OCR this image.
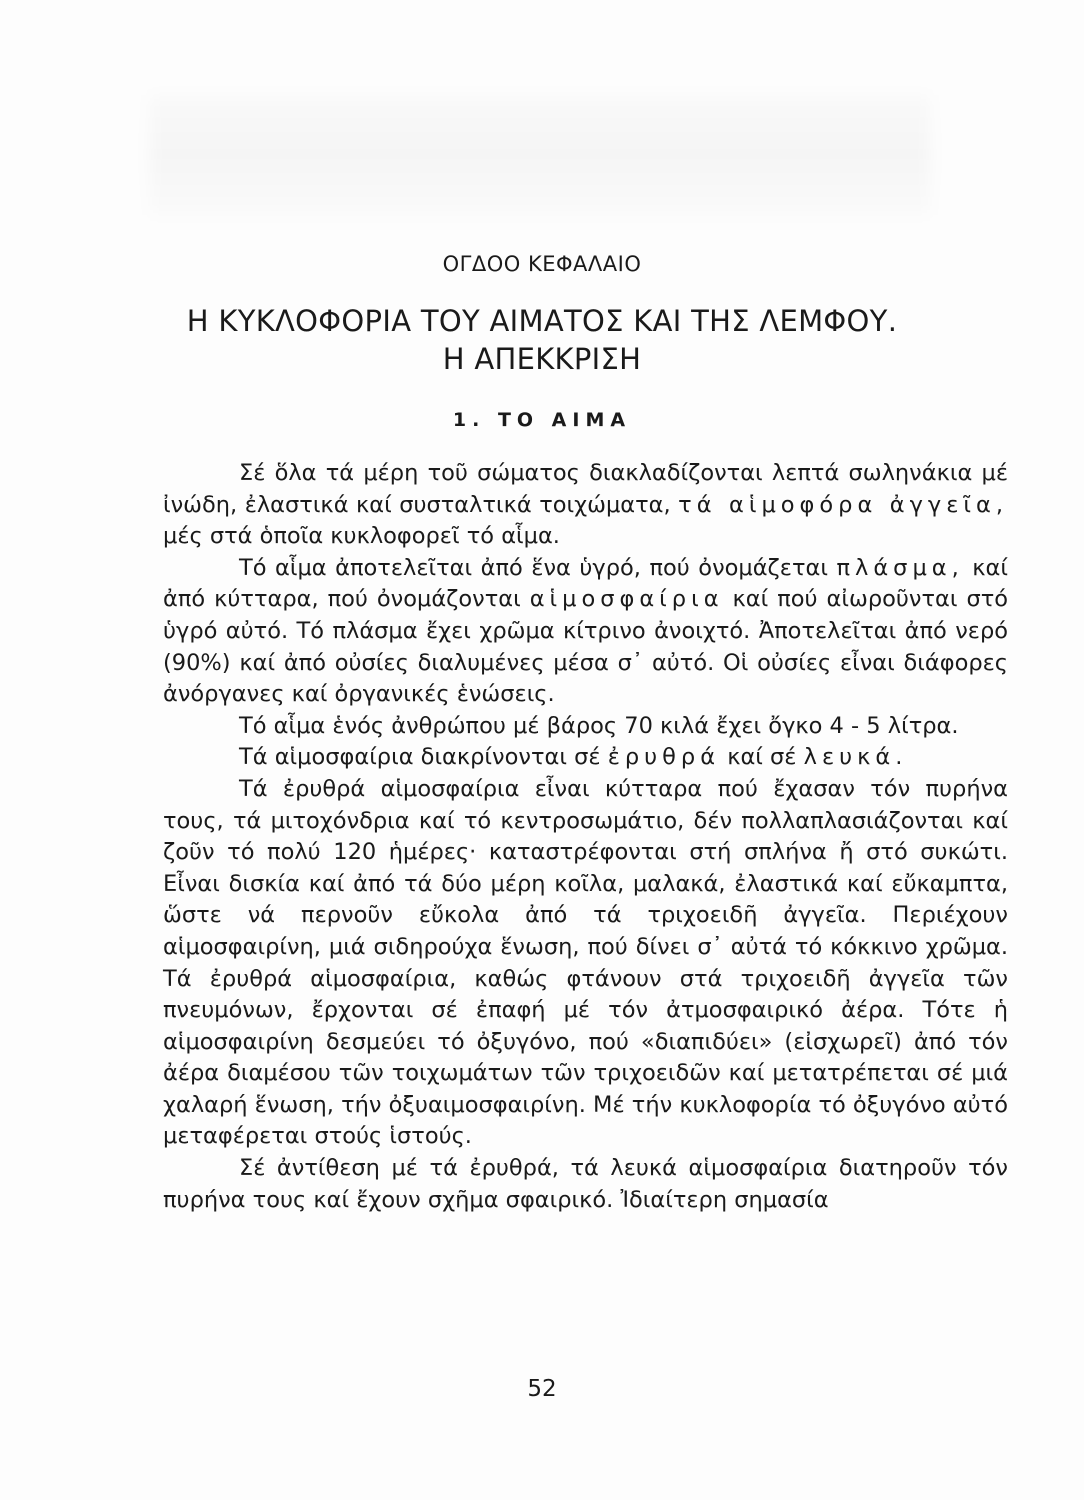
ΟΓΔΟΟ ΚΕΦΑΛΑΙΟ
Η ΚΥΚΛΟΦΟΡΙΑ ΤΟΥ ΑΙΜΑΤΟΣ ΚΑΙ ΤΗΣ ΛΕΜΦΟΥ.
Η ΑΠΕΚΚΡΙΣΗ
1. ΤΟ ΑΙΜΑ

Σέ ὅλα τά μέρη τοῦ σώματος διακλαδίζονται λεπτά σωληνάκια μέ ἰνώδη, ἐλαστικά καί συσταλτικά τοιχώματα, τά αἱμοφόρα ἀγγεῖα, μές στά ὁποῖα κυκλοφορεῖ τό αἷμα.

Τό αἷμα ἀποτελεῖται ἀπό ἕνα ὑγρό, πού ὀνομάζεται πλάσμα, καί ἀπό κύτταρα, πού ὀνομάζονται αἱμοσφαίρια καί πού αἰωροῦνται στό ὑγρό αὐτό. Τό πλάσμα ἔχει χρῶμα κίτρινο ἀνοιχτό. Ἀποτελεῖται ἀπό νερό (90%) καί ἀπό οὐσίες διαλυμένες μέσα σ᾿ αὐτό. Οἱ οὐσίες εἶναι διάφορες ἀνόργανες καί ὀργανικές ἑνώσεις.

Τό αἷμα ἑνός ἀνθρώπου μέ βάρος 70 κιλά ἔχει ὄγκο 4 - 5 λίτρα.

Τά αἱμοσφαίρια διακρίνονται σέ ἐρυθρά καί σέ λευκά.

Τά ἐρυθρά αἱμοσφαίρια εἶναι κύτταρα πού ἔχασαν τόν πυρήνα τους, τά μιτοχόνδρια καί τό κεντροσωμάτιο, δέν πολλαπλασιάζονται καί ζοῦν τό πολύ 120 ἡμέρες· καταστρέφονται στή σπλήνα ἤ στό συκώτι. Εἶναι δισκία καί ἀπό τά δύο μέρη κοῖλα, μαλακά, ἐλαστικά καί εὔκαμπτα, ὥστε νά περνοῦν εὔκολα ἀπό τά τριχοειδῆ ἀγγεῖα. Περιέχουν αἱμοσφαιρίνη, μιά σιδηρούχα ἕνωση, πού δίνει σ᾿ αὐτά τό κόκκινο χρῶμα. Τά ἐρυθρά αἱμοσφαίρια, καθώς φτάνουν στά τριχοειδῆ ἀγγεῖα τῶν πνευμόνων, ἔρχονται σέ ἐπαφή μέ τόν ἀτμοσφαιρικό ἀέρα. Τότε ἡ αἱμοσφαιρίνη δεσμεύει τό ὀξυγόνο, πού «διαπιδύει» (εἰσχωρεῖ) ἀπό τόν ἀέρα διαμέσου τῶν τοιχωμάτων τῶν τριχοειδῶν καί μετατρέπεται σέ μιά χαλαρή ἕνωση, τήν ὀξυαιμοσφαιρίνη. Μέ τήν κυκλοφορία τό ὀξυγόνο αὐτό μεταφέρεται στούς ἱστούς.

Σέ ἀντίθεση μέ τά ἐρυθρά, τά λευκά αἱμοσφαίρια διατηροῦν τόν πυρήνα τους καί ἔχουν σχῆμα σφαιρικό. Ἰδιαίτερη σημασία

52
